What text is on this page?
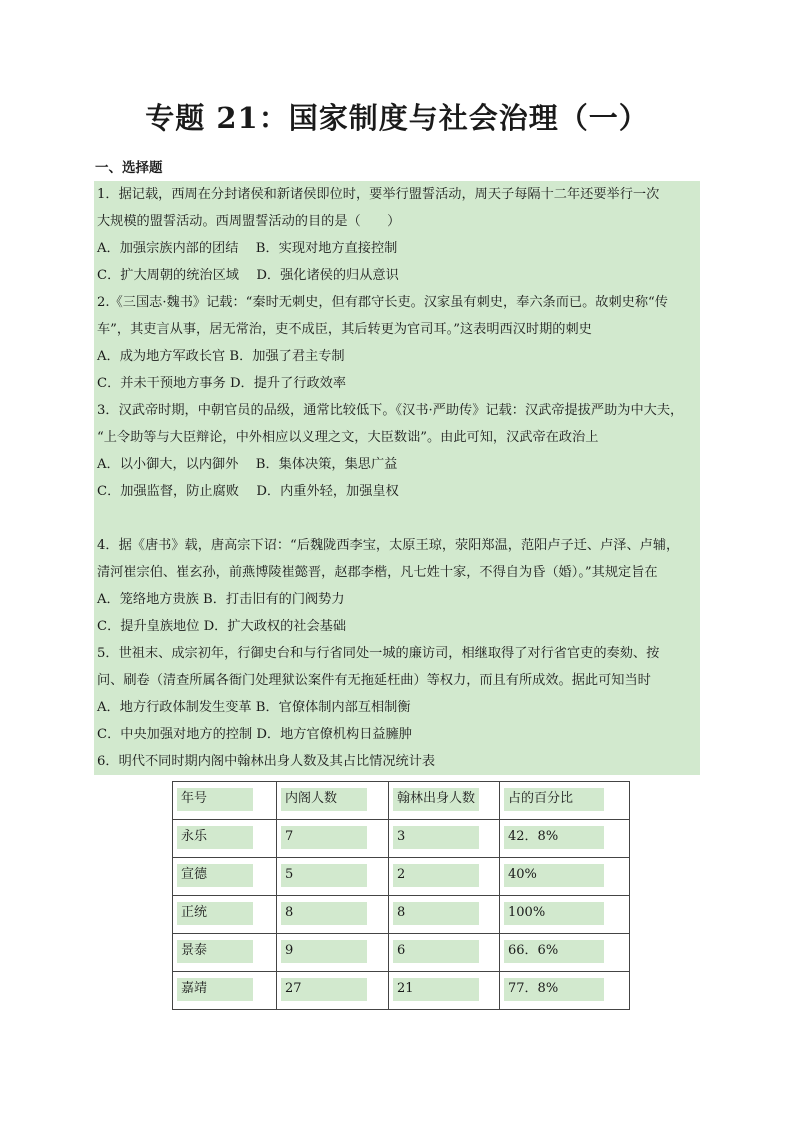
专题 21：国家制度与社会治理（一）
一、选择题
1．据记载，西周在分封诸侯和新诸侯即位时，要举行盟誓活动，周天子每隔十二年还要举行一次
大规模的盟誓活动。西周盟誓活动的目的是（　　）
A．加强宗族内部的团结　 B．实现对地方直接控制
C．扩大周朝的统治区域　 D．强化诸侯的归从意识
2.《三国志·魏书》记载：“秦时无刺史，但有郡守长吏。汉家虽有刺史，奉六条而已。故刺史称“传
车”，其吏言从事，居无常治，吏不成臣，其后转更为官司耳。”这表明西汉时期的刺史
A．成为地方军政长官 B．加强了君主专制
C．并未干预地方事务 D．提升了行政效率
3．汉武帝时期，中朝官员的品级，通常比较低下。《汉书·严助传》记载：汉武帝提拔严助为中大夫，
“上令助等与大臣辩论，中外相应以义理之文，大臣数诎”。由此可知，汉武帝在政治上
A．以小御大，以内御外　 B．集体决策，集思广益
C．加强监督，防止腐败　 D．内重外轻，加强皇权
4．据《唐书》载，唐高宗下诏：“后魏陇西李宝，太原王琼，荥阳郑温，范阳卢子迁、卢泽、卢辅，
清河崔宗伯、崔玄孙，前燕博陵崔懿晋，赵郡李楷，凡七姓十家，不得自为昏（婚）。”其规定旨在
A．笼络地方贵族 B．打击旧有的门阀势力
C．提升皇族地位 D．扩大政权的社会基础
5．世祖末、成宗初年，行御史台和与行省同处一城的廉访司，相继取得了对行省官吏的奏劾、按
问、刷卷（清查所属各衙门处理狱讼案件有无拖延枉曲）等权力，而且有所成效。据此可知当时
A．地方行政体制发生变革 B．官僚体制内部互相制衡
C．中央加强对地方的控制 D．地方官僚机构日益臃肿
6．明代不同时期内阁中翰林出身人数及其占比情况统计表
年号	内阁人数	翰林出身人数	占的百分比
永乐	7	3	42．8%
宣德	5	2	40%
正统	8	8	100%
景泰	9	6	66．6%
嘉靖	27	21	77．8%
